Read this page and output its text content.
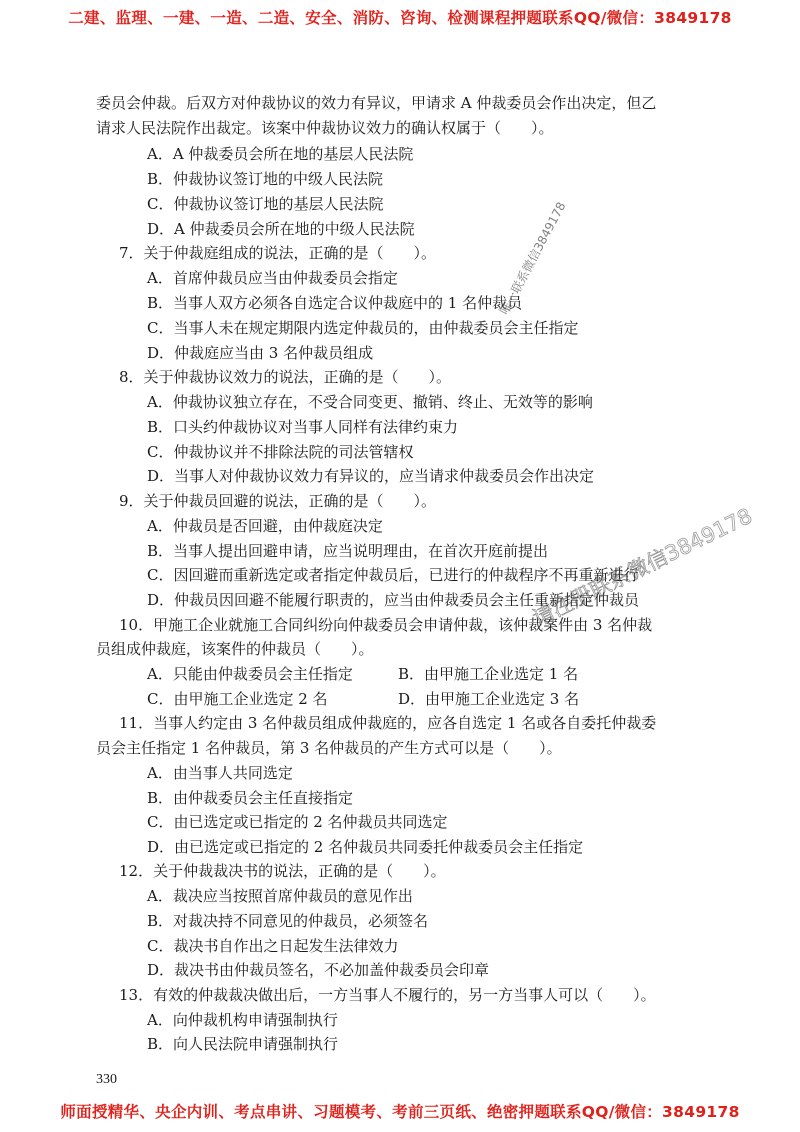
二建、监理、一建、一造、二造、安全、消防、咨询、检测课程押题联系QQ/微信：3849178
委员会仲裁。后双方对仲裁协议的效力有异议，甲请求 A 仲裁委员会作出决定，但乙
请求人民法院作出裁定。该案中仲裁协议效力的确认权属于（　　）。
A．A 仲裁委员会所在地的基层人民法院
B．仲裁协议签订地的中级人民法院
C．仲裁协议签订地的基层人民法院
D．A 仲裁委员会所在地的中级人民法院
7．关于仲裁庭组成的说法，正确的是（　　）。
A．首席仲裁员应当由仲裁委员会指定
B．当事人双方必须各自选定合议仲裁庭中的 1 名仲裁员
C．当事人未在规定期限内选定仲裁员的，由仲裁委员会主任指定
D．仲裁庭应当由 3 名仲裁员组成
8．关于仲裁协议效力的说法，正确的是（　　）。
A．仲裁协议独立存在，不受合同变更、撤销、终止、无效等的影响
B．口头约仲裁协议对当事人同样有法律约束力
C．仲裁协议并不排除法院的司法管辖权
D．当事人对仲裁协议效力有异议的，应当请求仲裁委员会作出决定
9．关于仲裁员回避的说法，正确的是（　　）。
A．仲裁员是否回避，由仲裁庭决定
B．当事人提出回避申请，应当说明理由，在首次开庭前提出
C．因回避而重新选定或者指定仲裁员后，已进行的仲裁程序不再重新进行
D．仲裁员因回避不能履行职责的，应当由仲裁委员会主任重新指定仲裁员
10．甲施工企业就施工合同纠纷向仲裁委员会申请仲裁，该仲裁案件由 3 名仲裁
员组成仲裁庭，该案件的仲裁员（　　）。
A．只能由仲裁委员会主任指定	B．由甲施工企业选定 1 名
C．由甲施工企业选定 2 名	D．由甲施工企业选定 3 名
11．当事人约定由 3 名仲裁员组成仲裁庭的，应各自选定 1 名或各自委托仲裁委
员会主任指定 1 名仲裁员，第 3 名仲裁员的产生方式可以是（　　）。
A．由当事人共同选定
B．由仲裁委员会主任直接指定
C．由已选定或已指定的 2 名仲裁员共同选定
D．由已选定或已指定的 2 名仲裁员共同委托仲裁委员会主任指定
12．关于仲裁裁决书的说法，正确的是（　　）。
A．裁决应当按照首席仲裁员的意见作出
B．对裁决持不同意见的仲裁员，必须签名
C．裁决书自作出之日起发生法律效力
D．裁决书由仲裁员签名，不必加盖仲裁委员会印章
13．有效的仲裁裁决做出后，一方当事人不履行的，另一方当事人可以（　　）。
A．向仲裁机构申请强制执行
B．向人民法院申请强制执行
唯一联系微信3849178
请注册联系微信3849178
330
师面授精华、央企内训、考点串讲、习题模考、考前三页纸、绝密押题联系QQ/微信：3849178
